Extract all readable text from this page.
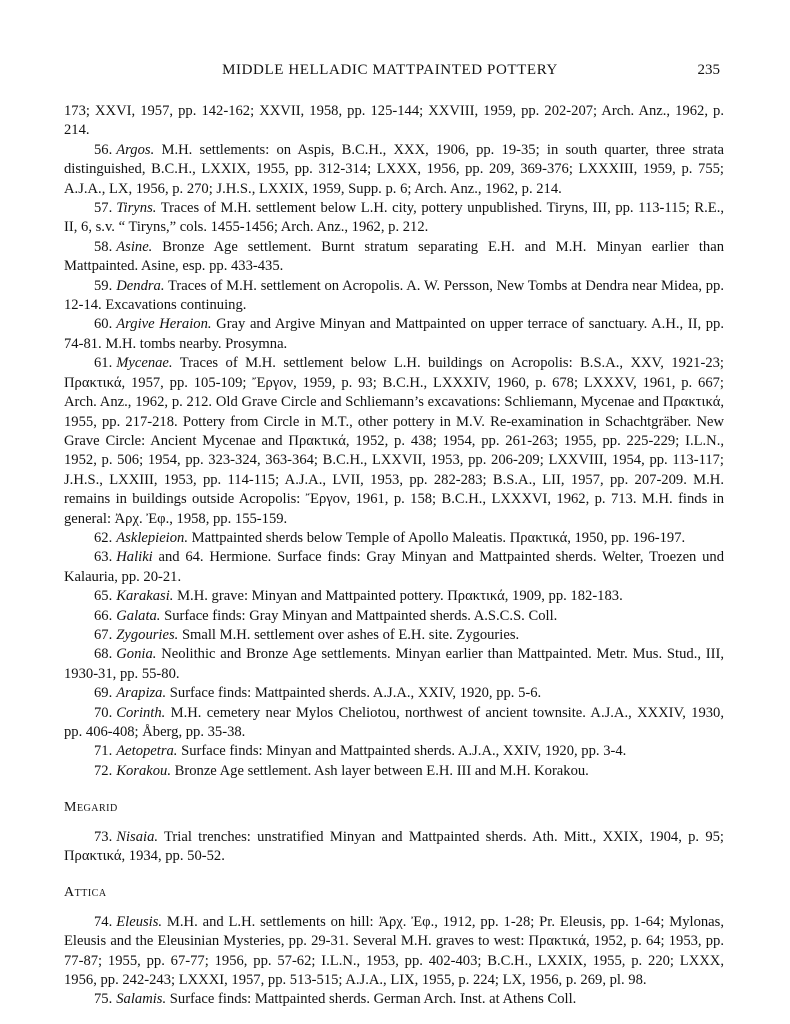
MIDDLE HELLADIC MATTPAINTED POTTERY	235

173; XXVI, 1957, pp. 142-162; XXVII, 1958, pp. 125-144; XXVIII, 1959, pp. 202-207; Arch. Anz., 1962, p. 214.

56. Argos. M.H. settlements: on Aspis, B.C.H., XXX, 1906, pp. 19-35; in south quarter, three strata distinguished, B.C.H., LXXIX, 1955, pp. 312-314; LXXX, 1956, pp. 209, 369-376; LXXXIII, 1959, p. 755; A.J.A., LX, 1956, p. 270; J.H.S., LXXIX, 1959, Supp. p. 6; Arch. Anz., 1962, p. 214.

57. Tiryns. Traces of M.H. settlement below L.H. city, pottery unpublished. Tiryns, III, pp. 113-115; R.E., II, 6, s.v. “ Tiryns,” cols. 1455-1456; Arch. Anz., 1962, p. 212.

58. Asine. Bronze Age settlement. Burnt stratum separating E.H. and M.H. Minyan earlier than Mattpainted. Asine, esp. pp. 433-435.

59. Dendra. Traces of M.H. settlement on Acropolis. A. W. Persson, New Tombs at Dendra near Midea, pp. 12-14. Excavations continuing.

60. Argive Heraion. Gray and Argive Minyan and Mattpainted on upper terrace of sanctuary. A.H., II, pp. 74-81. M.H. tombs nearby. Prosymna.

61. Mycenae. Traces of M.H. settlement below L.H. buildings on Acropolis: B.S.A., XXV, 1921-23; Πρακτικά, 1957, pp. 105-109; Ἔργον, 1959, p. 93; B.C.H., LXXXIV, 1960, p. 678; LXXXV, 1961, p. 667; Arch. Anz., 1962, p. 212. Old Grave Circle and Schliemann’s excavations: Schliemann, Mycenae and Πρακτικά, 1955, pp. 217-218. Pottery from Circle in M.T., other pottery in M.V. Re-examination in Schachtgräber. New Grave Circle: Ancient Mycenae and Πρακτικά, 1952, p. 438; 1954, pp. 261-263; 1955, pp. 225-229; I.L.N., 1952, p. 506; 1954, pp. 323-324, 363-364; B.C.H., LXXVII, 1953, pp. 206-209; LXXVIII, 1954, pp. 113-117; J.H.S., LXXIII, 1953, pp. 114-115; A.J.A., LVII, 1953, pp. 282-283; B.S.A., LII, 1957, pp. 207-209. M.H. remains in buildings outside Acropolis: Ἔργον, 1961, p. 158; B.C.H., LXXXVI, 1962, p. 713. M.H. finds in general: Ἀρχ. Ἐφ., 1958, pp. 155-159.

62. Asklepieion. Mattpainted sherds below Temple of Apollo Maleatis. Πρακτικά, 1950, pp. 196-197.

63. Haliki and 64. Hermione. Surface finds: Gray Minyan and Mattpainted sherds. Welter, Troezen und Kalauria, pp. 20-21.

65. Karakasi. M.H. grave: Minyan and Mattpainted pottery. Πρακτικά, 1909, pp. 182-183.

66. Galata. Surface finds: Gray Minyan and Mattpainted sherds. A.S.C.S. Coll.

67. Zygouries. Small M.H. settlement over ashes of E.H. site. Zygouries.

68. Gonia. Neolithic and Bronze Age settlements. Minyan earlier than Mattpainted. Metr. Mus. Stud., III, 1930-31, pp. 55-80.

69. Arapiza. Surface finds: Mattpainted sherds. A.J.A., XXIV, 1920, pp. 5-6.

70. Corinth. M.H. cemetery near Mylos Cheliotou, northwest of ancient townsite. A.J.A., XXXIV, 1930, pp. 406-408; Åberg, pp. 35-38.

71. Aetopetra. Surface finds: Minyan and Mattpainted sherds. A.J.A., XXIV, 1920, pp. 3-4.

72. Korakou. Bronze Age settlement. Ash layer between E.H. III and M.H. Korakou.

Megarid

73. Nisaia. Trial trenches: unstratified Minyan and Mattpainted sherds. Ath. Mitt., XXIX, 1904, p. 95; Πρακτικά, 1934, pp. 50-52.

Attica

74. Eleusis. M.H. and L.H. settlements on hill: Ἀρχ. Ἐφ., 1912, pp. 1-28; Pr. Eleusis, pp. 1-64; Mylonas, Eleusis and the Eleusinian Mysteries, pp. 29-31. Several M.H. graves to west: Πρακτικά, 1952, p. 64; 1953, pp. 77-87; 1955, pp. 67-77; 1956, pp. 57-62; I.L.N., 1953, pp. 402-403; B.C.H., LXXIX, 1955, p. 220; LXXX, 1956, pp. 242-243; LXXXI, 1957, pp. 513-515; A.J.A., LIX, 1955, p. 224; LX, 1956, p. 269, pl. 98.

75. Salamis. Surface finds: Mattpainted sherds. German Arch. Inst. at Athens Coll.
